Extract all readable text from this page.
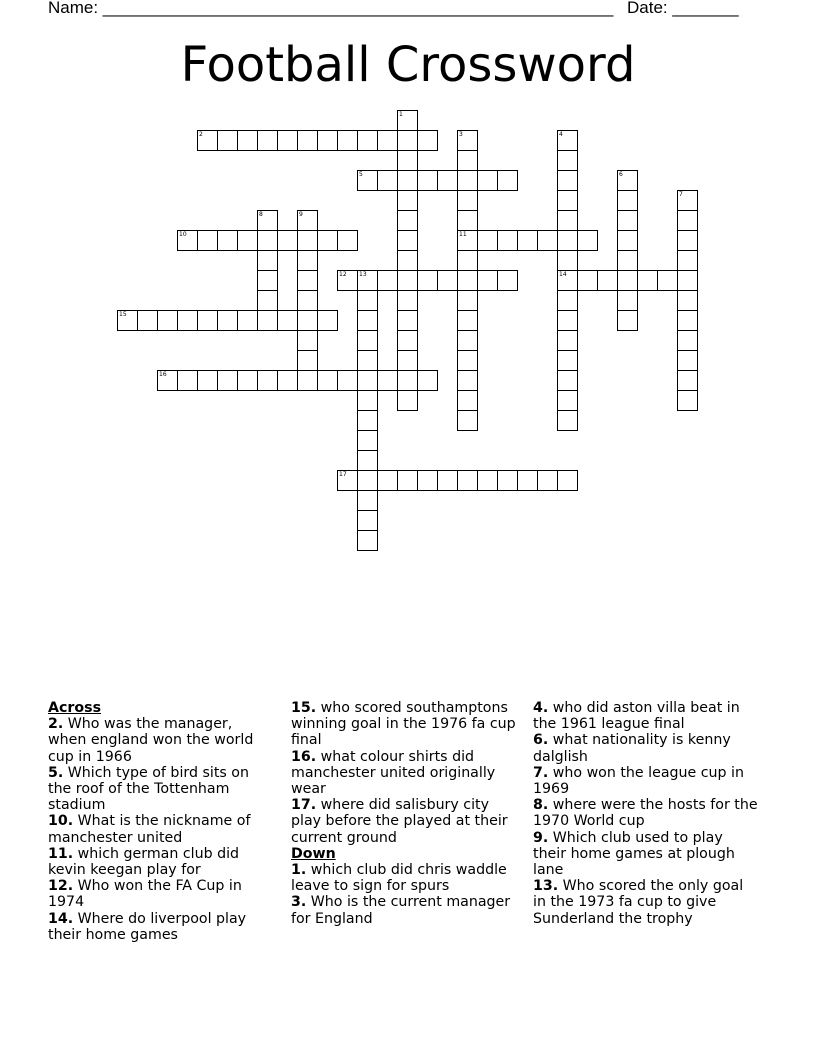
Name: ______________________________________________________ Date: _______
Football Crossword
2
5
10	11
12 13	14
15
16
17
1
3	4
6
7
8	9
Across
2. Who was the manager, when england won the world cup in 1966
5. Which type of bird sits on the roof of the Tottenham stadium
10. What is the nickname of manchester united
11. which german club did kevin keegan play for
12. Who won the FA Cup in 1974
14. Where do liverpool play their home games
15. who scored southamptons winning goal in the 1976 fa cup final
16. what colour shirts did manchester united originally wear
17. where did salisbury city play before the played at their current ground
Down
1. which club did chris waddle leave to sign for spurs
3. Who is the current manager for England
4. who did aston villa beat in the 1961 league final
6. what nationality is kenny dalglish
7. who won the league cup in 1969
8. where were the hosts for the 1970 World cup
9. Which club used to play their home games at plough lane
13. Who scored the only goal in the 1973 fa cup to give Sunderland the trophy
